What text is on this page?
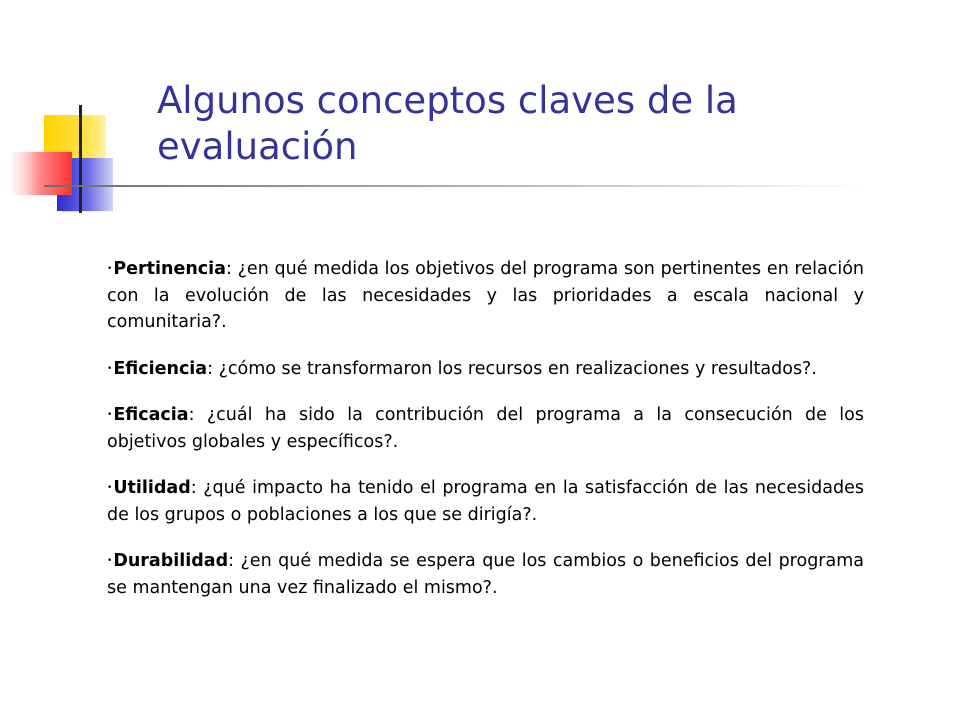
Algunos conceptos claves de la evaluación
•Pertinencia: ¿en qué medida los objetivos del programa son pertinentes en relación con la evolución de las necesidades y las prioridades a escala nacional y comunitaria?.
•Eficiencia: ¿cómo se transformaron los recursos en realizaciones y resultados?.
•Eficacia: ¿cuál ha sido la contribución del programa a la consecución de los objetivos globales y específicos?.
•Utilidad: ¿qué impacto ha tenido el programa en la satisfacción de las necesidades de los grupos o poblaciones a los que se dirigía?.
•Durabilidad: ¿en qué medida se espera que los cambios o beneficios del programa se mantengan una vez finalizado el mismo?.
